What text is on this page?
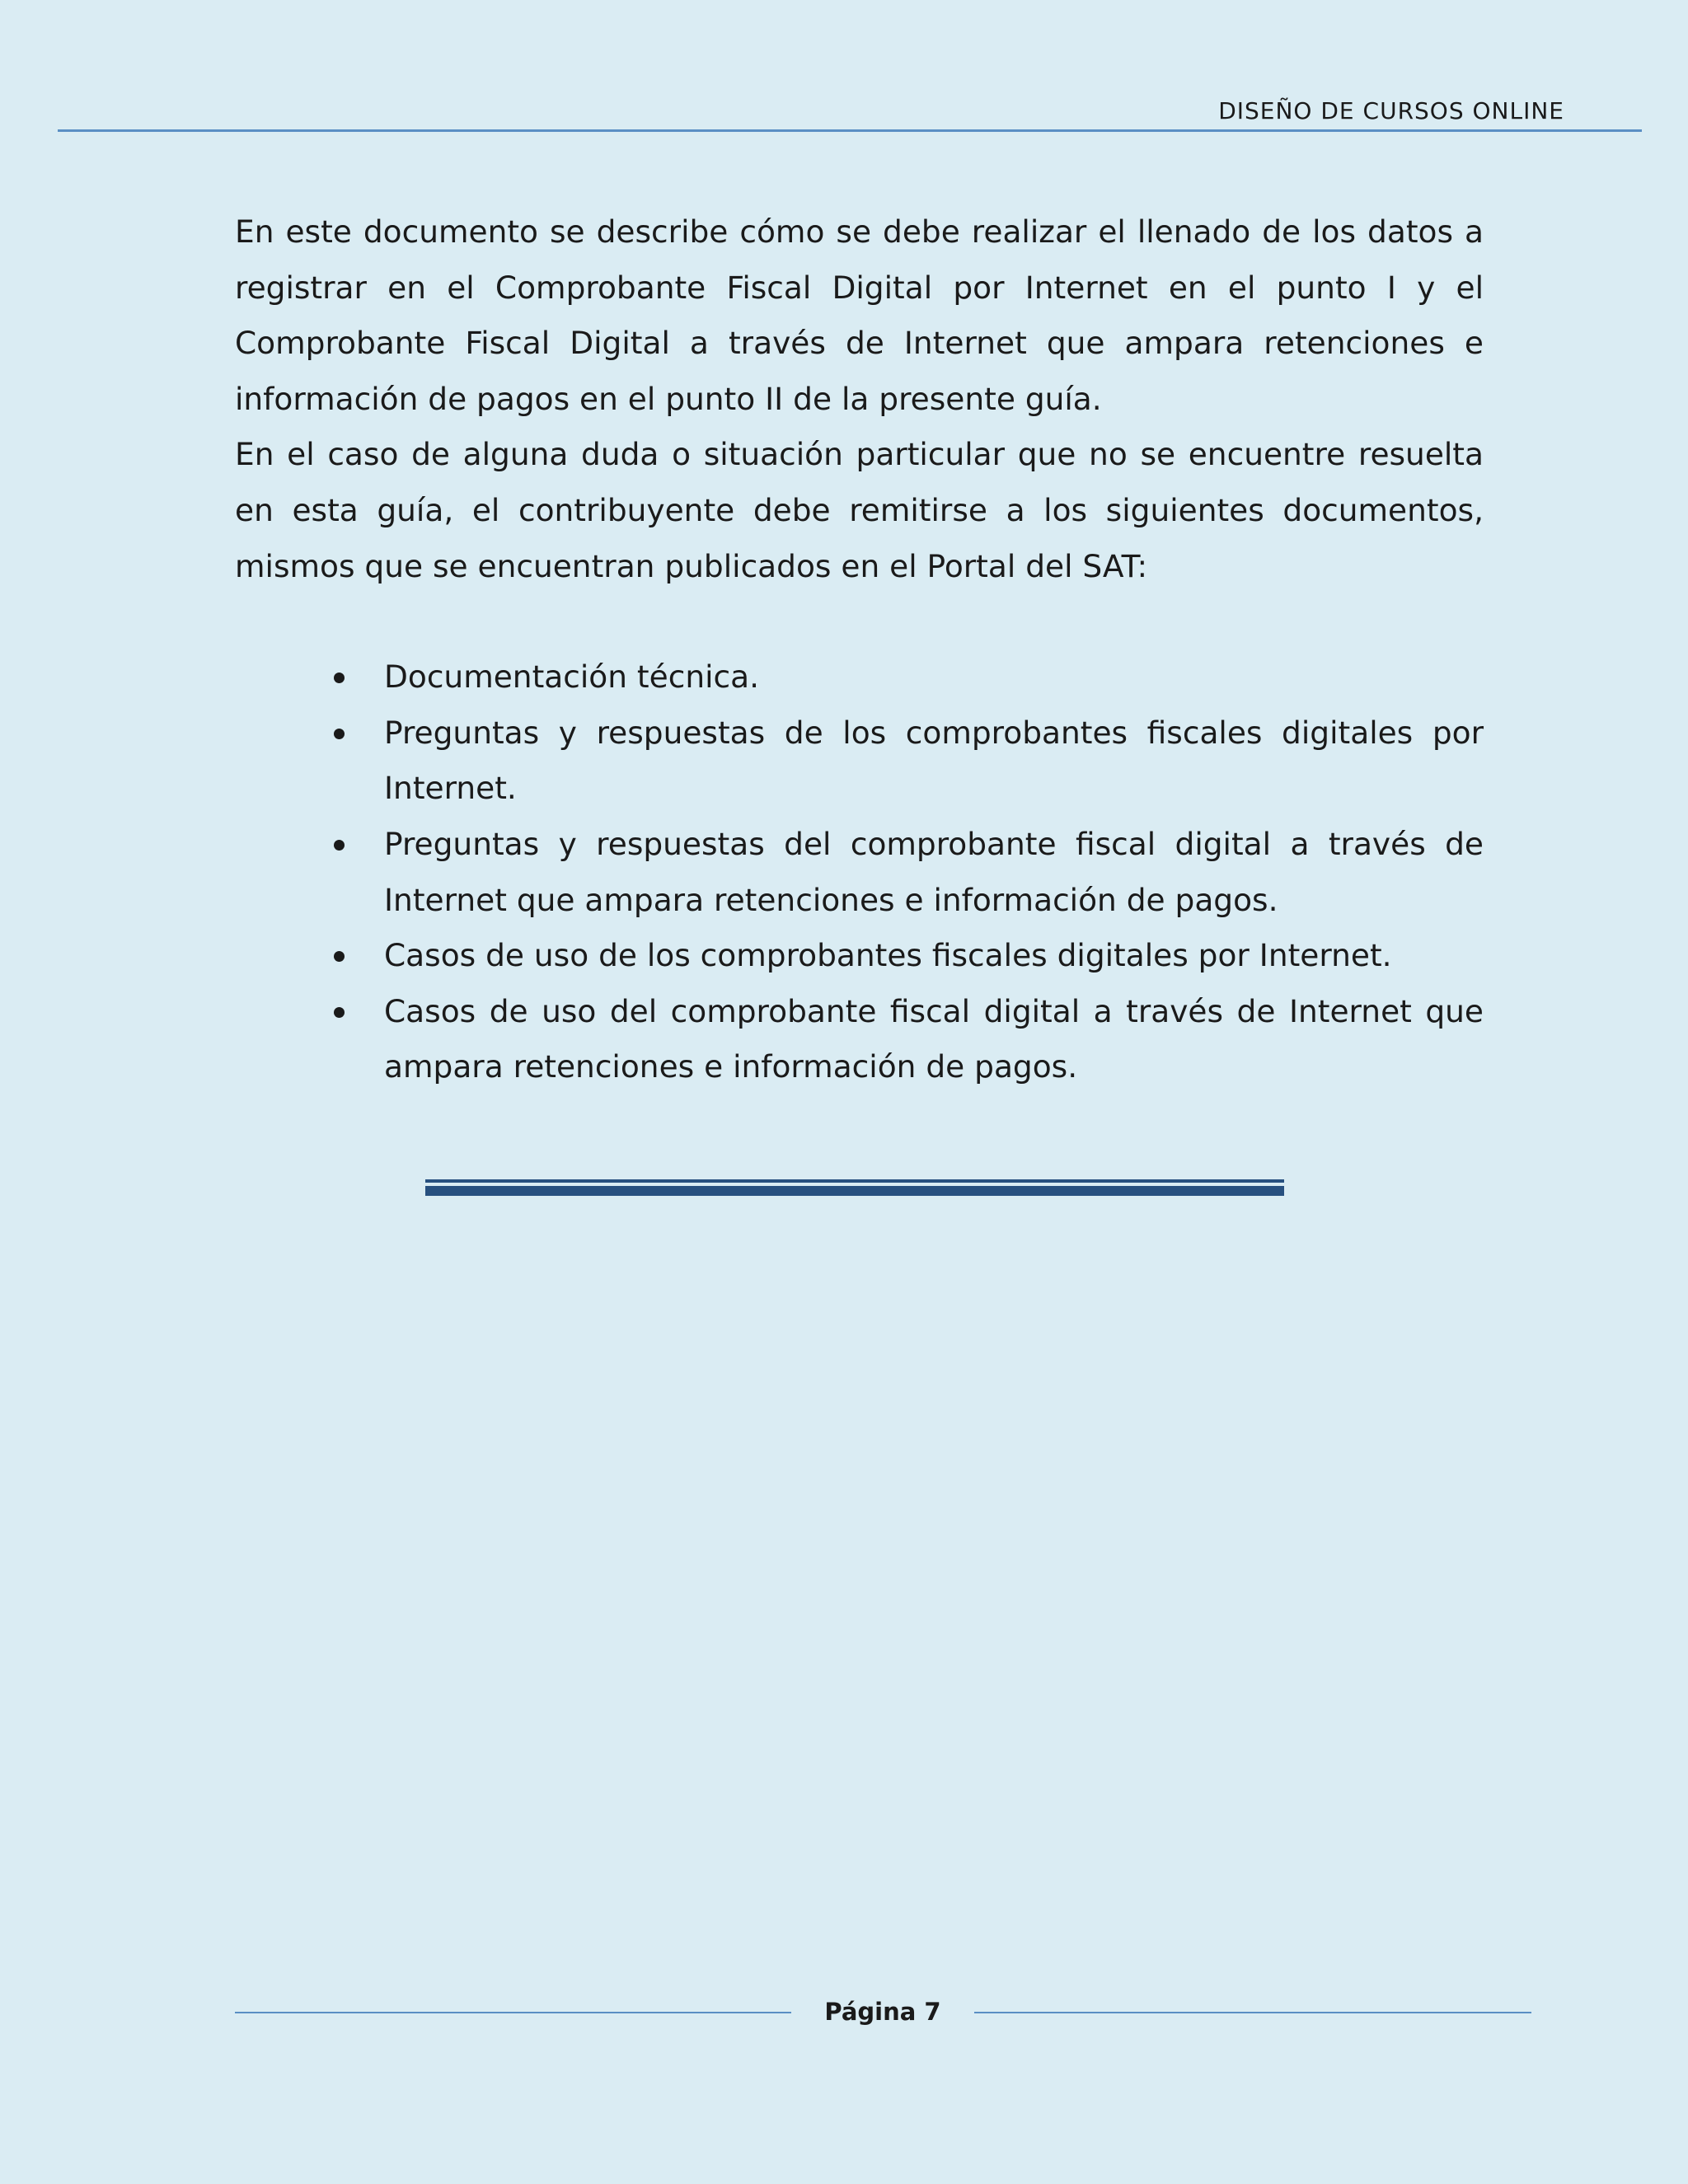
DISEÑO DE CURSOS ONLINE

En este documento se describe cómo se debe realizar el llenado de los datos a registrar en el Comprobante Fiscal Digital por Internet en el punto I y el Comprobante Fiscal Digital a través de Internet que ampara retenciones e información de pagos en el punto II de la presente guía.

En el caso de alguna duda o situación particular que no se encuentre resuelta en esta guía, el contribuyente debe remitirse a los siguientes documentos, mismos que se encuentran publicados en el Portal del SAT:

Documentación técnica.
Preguntas y respuestas de los comprobantes fiscales digitales por Internet.
Preguntas y respuestas del comprobante fiscal digital a través de Internet que ampara retenciones e información de pagos.
Casos de uso de los comprobantes fiscales digitales por Internet.
Casos de uso del comprobante fiscal digital a través de Internet que ampara retenciones e información de pagos.
Página 7
